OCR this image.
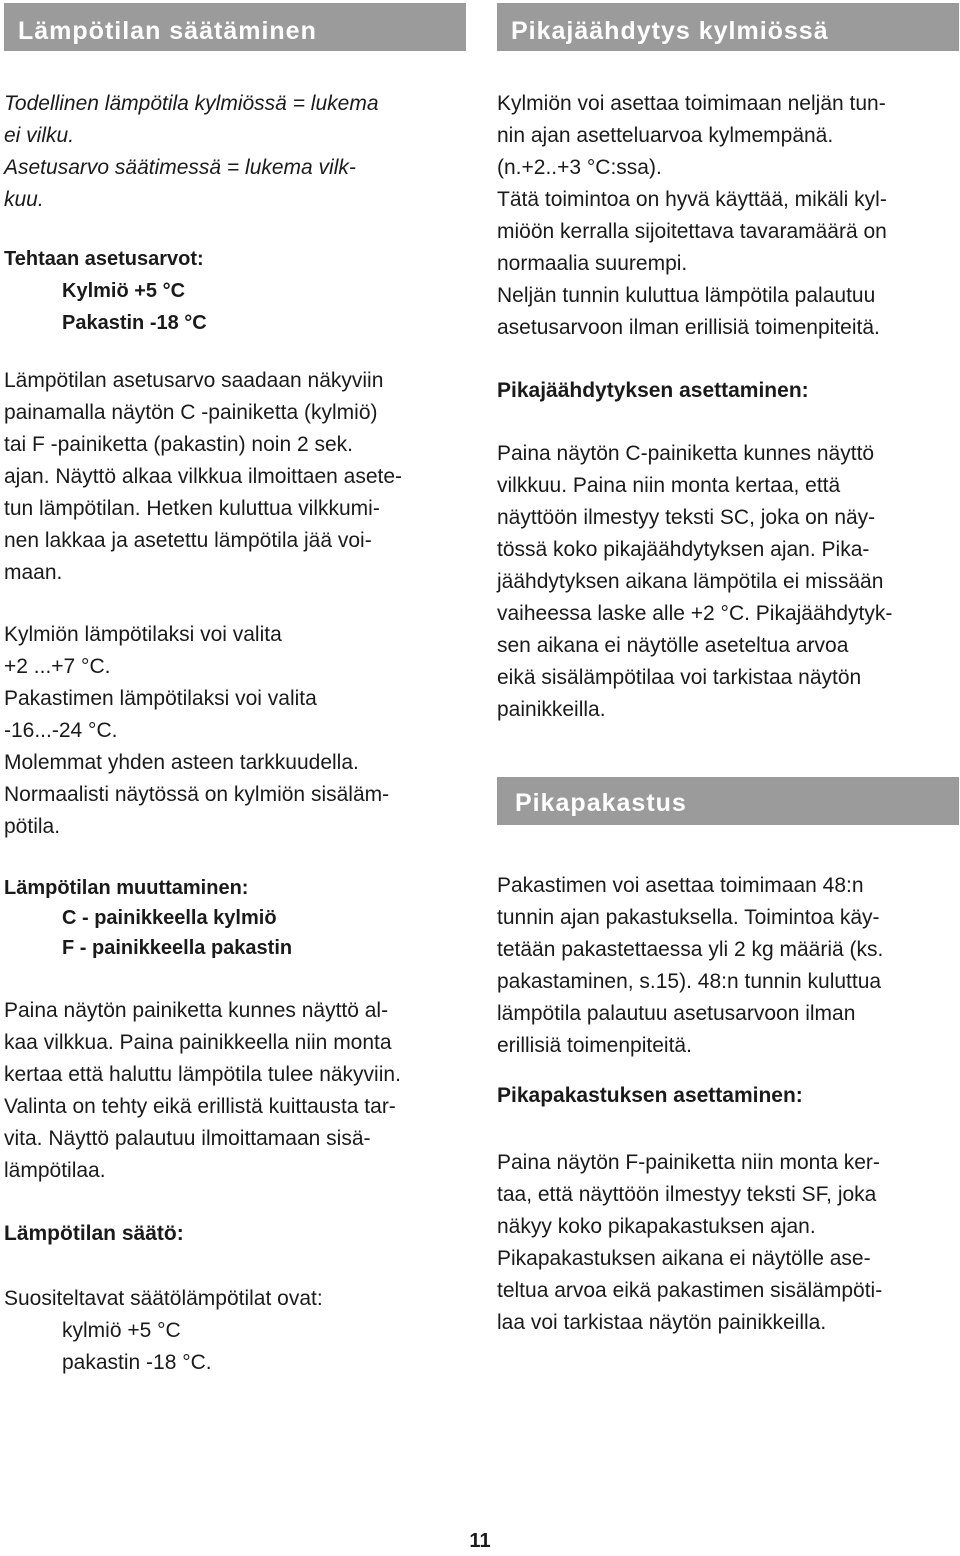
Lämpötilan säätäminen

Todellinen lämpötila kylmiössä = lukema
ei vilku.
Asetusarvo säätimessä = lukema vilk-
kuu.

Tehtaan asetusarvot:
Kylmiö +5 °C
Pakastin -18 °C

Lämpötilan asetusarvo saadaan näkyviin
painamalla näytön C -painiketta (kylmiö)
tai F -painiketta (pakastin) noin 2 sek.
ajan. Näyttö alkaa vilkkua ilmoittaen asete-
tun lämpötilan. Hetken kuluttua vilkkumi-
nen lakkaa ja asetettu lämpötila jää voi-
maan.

Kylmiön lämpötilaksi voi valita
+2 ...+7 °C.
Pakastimen lämpötilaksi voi valita
-16...-24 °C.
Molemmat yhden asteen tarkkuudella.
Normaalisti näytössä on kylmiön sisäläm-
pötila.

Lämpötilan muuttaminen:
C - painikkeella kylmiö
F - painikkeella pakastin

Paina näytön painiketta kunnes näyttö al-
kaa vilkkua. Paina painikkeella niin monta
kertaa että haluttu lämpötila tulee näkyviin.
Valinta on tehty eikä erillistä kuittausta tar-
vita. Näyttö palautuu ilmoittamaan sisä-
lämpötilaa.

Lämpötilan säätö:

Suositeltavat säätölämpötilat ovat:
kylmiö +5 °C
pakastin -18 °C.

Pikajäähdytys kylmiössä

Kylmiön voi asettaa toimimaan neljän tun-
nin ajan asetteluarvoa kylmempänä.
(n.+2..+3 °C:ssa).
Tätä toimintoa on hyvä käyttää, mikäli kyl-
miöön kerralla sijoitettava tavaramäärä on
normaalia suurempi.
Neljän tunnin kuluttua lämpötila palautuu
asetusarvoon ilman erillisiä toimenpiteitä.

Pikajäähdytyksen asettaminen:

Paina näytön C-painiketta kunnes näyttö
vilkkuu. Paina niin monta kertaa, että
näyttöön ilmestyy teksti SC, joka on näy-
tössä koko pikajäähdytyksen ajan. Pika-
jäähdytyksen aikana lämpötila ei missään
vaiheessa laske alle +2 °C. Pikajäähdytyk-
sen aikana ei näytölle aseteltua arvoa
eikä sisälämpötilaa voi tarkistaa näytön
painikkeilla.

Pikapakastus

Pakastimen voi asettaa toimimaan 48:n
tunnin ajan pakastuksella. Toimintoa käy-
tetään pakastettaessa yli 2 kg määriä (ks.
pakastaminen, s.15). 48:n tunnin kuluttua
lämpötila palautuu asetusarvoon ilman
erillisiä toimenpiteitä.

Pikapakastuksen asettaminen:

Paina näytön F-painiketta niin monta ker-
taa, että näyttöön ilmestyy teksti SF, joka
näkyy koko pikapakastuksen ajan.
Pikapakastuksen aikana ei näytölle ase-
teltua arvoa eikä pakastimen sisälämpöti-
laa voi tarkistaa näytön painikkeilla.

11
